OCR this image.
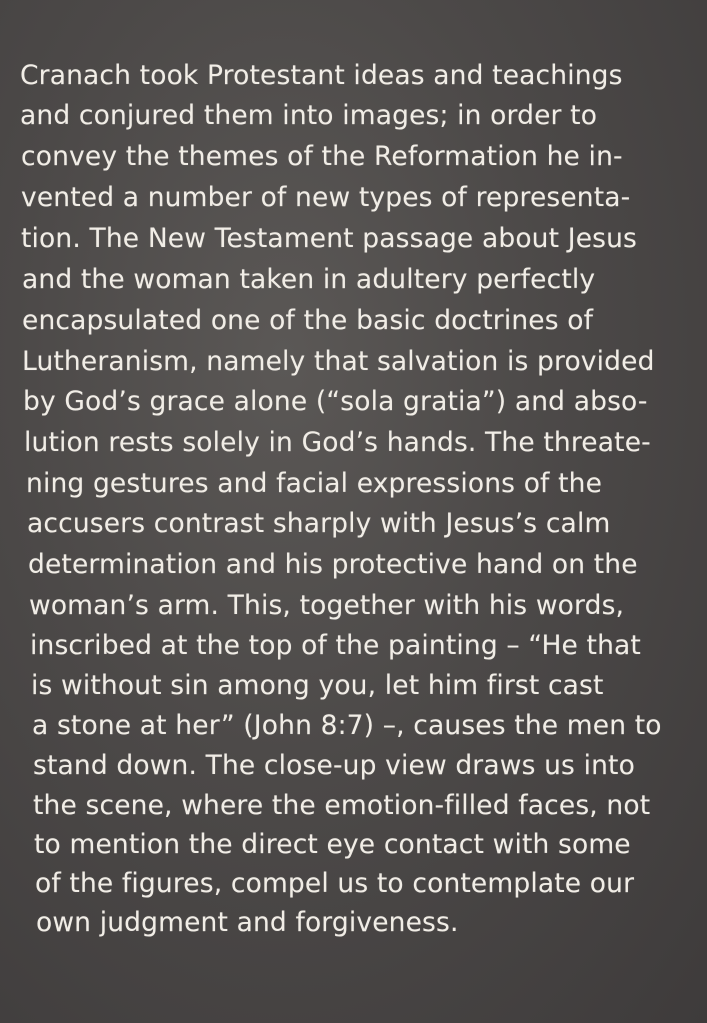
Cranach took Protestant ideas and teachings
and conjured them into images; in order to
convey the themes of the Reformation he in-
vented a number of new types of representa-
tion. The New Testament passage about Jesus
and the woman taken in adultery perfectly
encapsulated one of the basic doctrines of
Lutheranism, namely that salvation is provided
by God’s grace alone (“sola gratia”) and abso-
lution rests solely in God’s hands. The threate-
ning gestures and facial expressions of the
accusers contrast sharply with Jesus’s calm
determination and his protective hand on the
woman’s arm. This, together with his words,
inscribed at the top of the painting – “He that
is without sin among you, let him first cast
a stone at her” (John 8:7) –, causes the men to
stand down. The close-up view draws us into
the scene, where the emotion-filled faces, not
to mention the direct eye contact with some
of the figures, compel us to contemplate our
own judgment and forgiveness.
